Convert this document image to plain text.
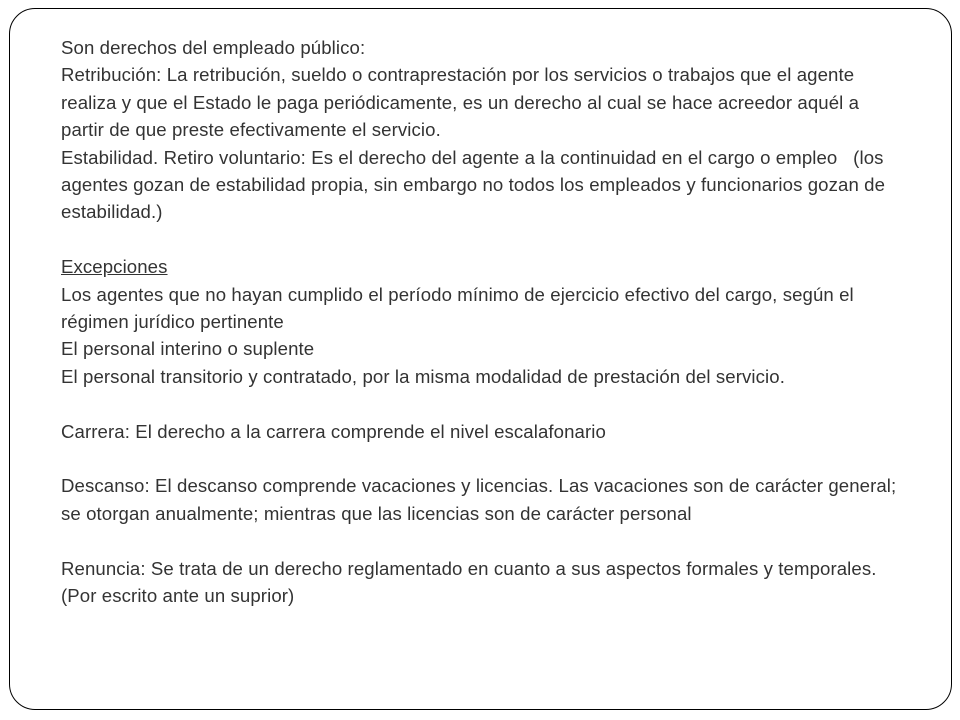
Son derechos del empleado público:

Retribución: La retribución, sueldo o contraprestación por los servicios o trabajos que el agente realiza y que el Estado le paga periódicamente, es un derecho al cual se hace acreedor aquél a partir de que preste efectivamente el servicio.

Estabilidad. Retiro voluntario: Es el derecho del agente a la continuidad en el cargo o empleo   (los agentes gozan de estabilidad propia, sin embargo no todos los empleados y funcionarios gozan de estabilidad.)

Excepciones

Los agentes que no hayan cumplido el período mínimo de ejercicio efectivo del cargo, según el régimen jurídico pertinente

El personal interino o suplente

El personal transitorio y contratado, por la misma modalidad de prestación del servicio.

Carrera: El derecho a la carrera comprende el nivel escalafonario

Descanso: El descanso comprende vacaciones y licencias. Las vacaciones son de carácter general; se otorgan anualmente; mientras que las licencias son de carácter personal

Renuncia: Se trata de un derecho reglamentado en cuanto a sus aspectos formales y temporales.  (Por escrito ante un suprior)
